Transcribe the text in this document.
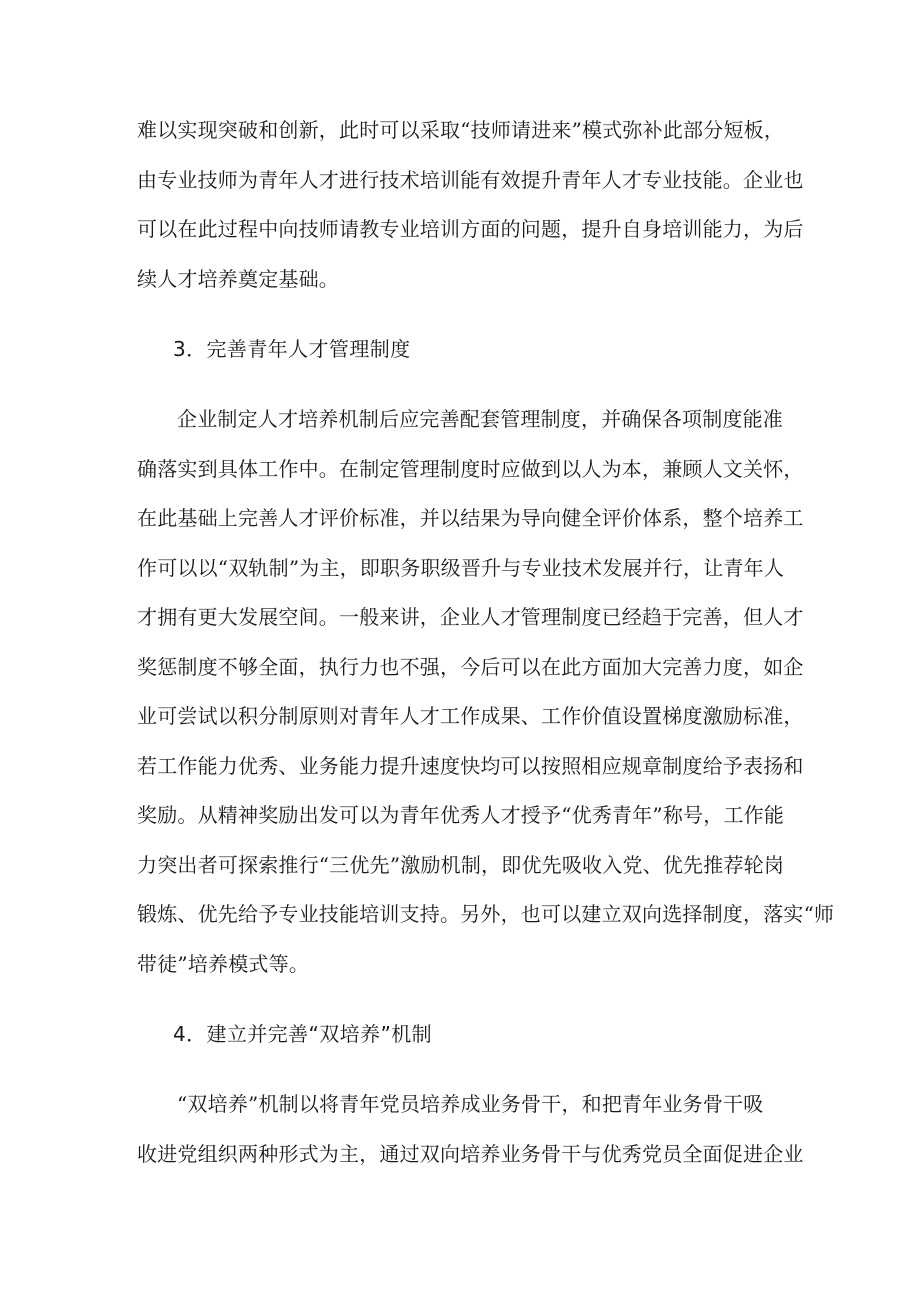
难以实现突破和创新，此时可以采取“技师请进来”模式弥补此部分短板，
由专业技师为青年人才进行技术培训能有效提升青年人才专业技能。企业也
可以在此过程中向技师请教专业培训方面的问题，提升自身培训能力，为后
续人才培养奠定基础。
3．完善青年人才管理制度
企业制定人才培养机制后应完善配套管理制度，并确保各项制度能准
确落实到具体工作中。在制定管理制度时应做到以人为本，兼顾人文关怀，
在此基础上完善人才评价标准，并以结果为导向健全评价体系，整个培养工
作可以以“双轨制”为主，即职务职级晋升与专业技术发展并行，让青年人
才拥有更大发展空间。一般来讲，企业人才管理制度已经趋于完善，但人才
奖惩制度不够全面，执行力也不强，今后可以在此方面加大完善力度，如企
业可尝试以积分制原则对青年人才工作成果、工作价值设置梯度激励标准，
若工作能力优秀、业务能力提升速度快均可以按照相应规章制度给予表扬和
奖励。从精神奖励出发可以为青年优秀人才授予“优秀青年”称号，工作能
力突出者可探索推行“三优先”激励机制，即优先吸收入党、优先推荐轮岗
锻炼、优先给予专业技能培训支持。另外，也可以建立双向选择制度，落实“师
带徒”培养模式等。
4．建立并完善“双培养”机制
“双培养”机制以将青年党员培养成业务骨干，和把青年业务骨干吸
收进党组织两种形式为主，通过双向培养业务骨干与优秀党员全面促进企业
